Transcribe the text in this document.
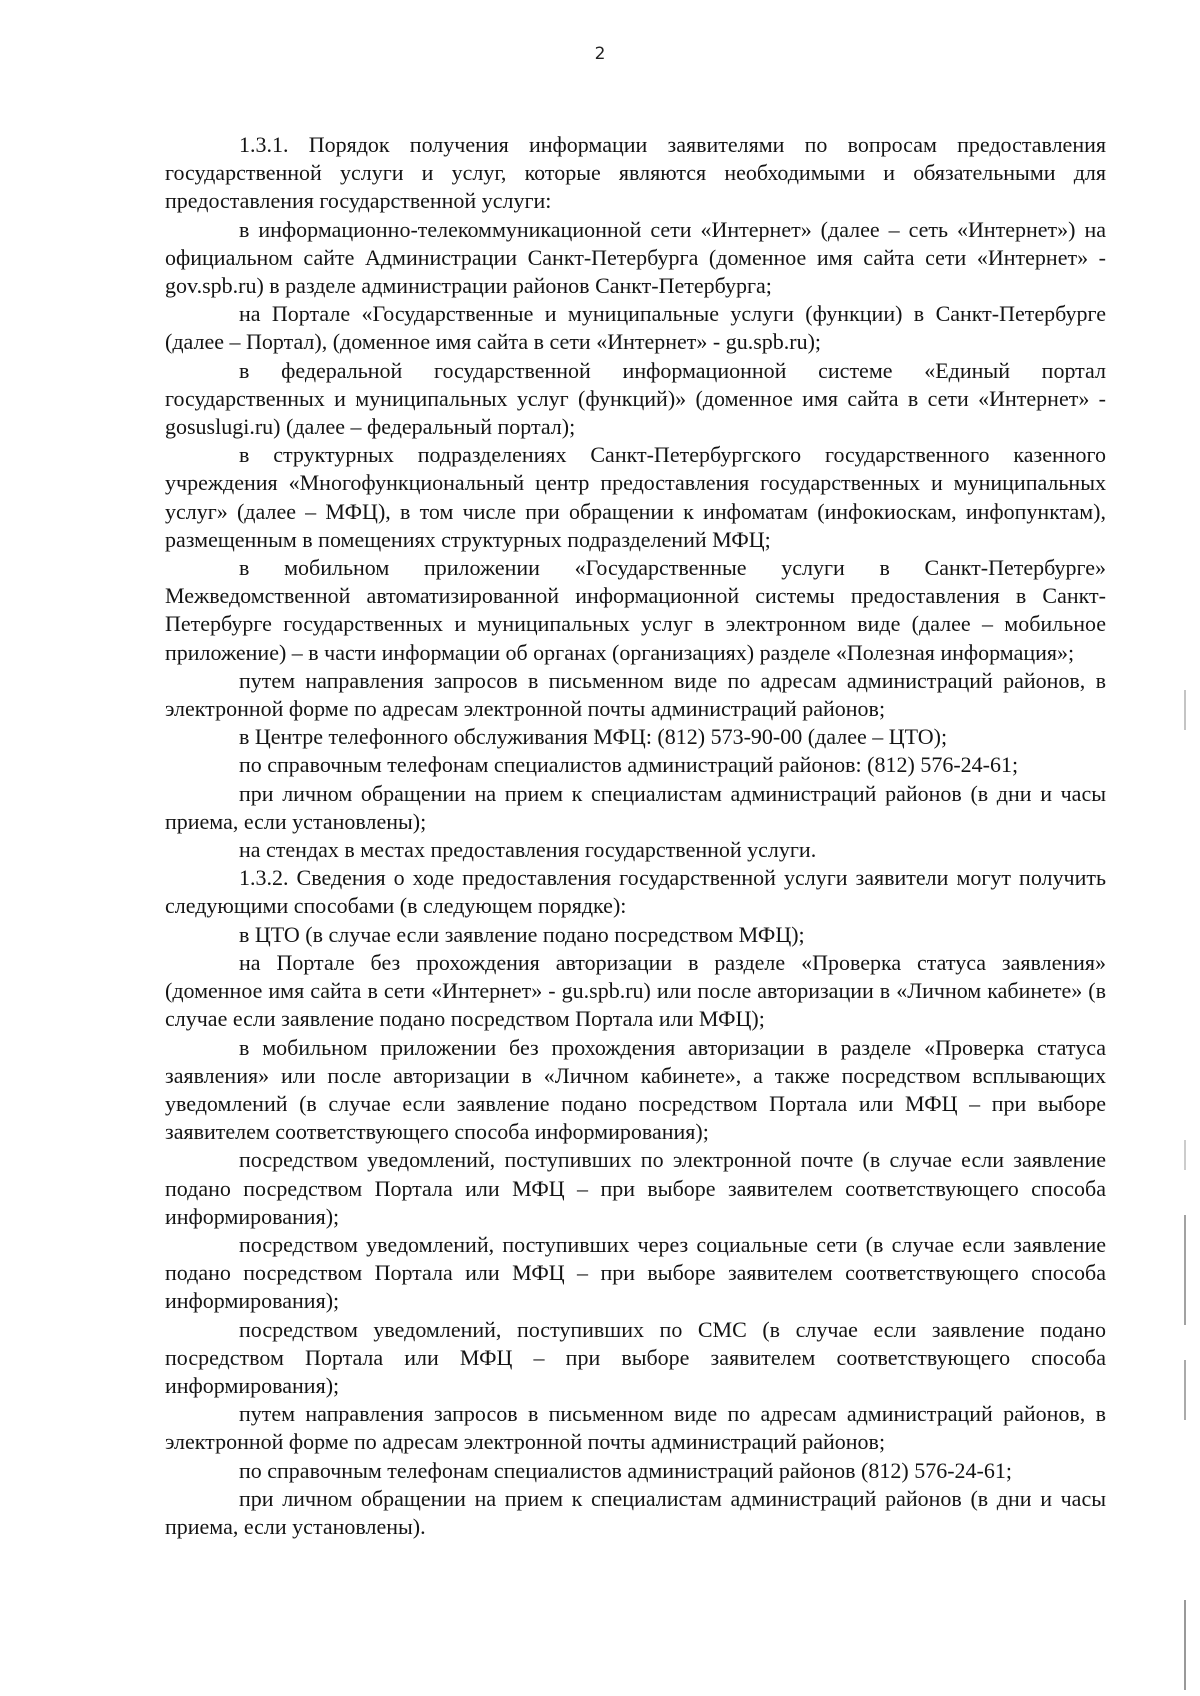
2

1.3.1. Порядок получения информации заявителями по вопросам предоставления государственной услуги и услуг, которые являются необходимыми и обязательными для предоставления государственной услуги:

в информационно-телекоммуникационной сети «Интернет» (далее – сеть «Интернет») на официальном сайте Администрации Санкт-Петербурга (доменное имя сайта сети «Интернет» - gov.spb.ru) в разделе администрации районов Санкт-Петербурга;

на Портале «Государственные и муниципальные услуги (функции) в Санкт-Петербурге (далее – Портал), (доменное имя сайта в сети «Интернет» - gu.spb.ru);

в федеральной государственной информационной системе «Единый портал государственных и муниципальных услуг (функций)» (доменное имя сайта в сети «Интернет» - gosuslugi.ru) (далее – федеральный портал);

в структурных подразделениях Санкт-Петербургского государственного казенного учреждения «Многофункциональный центр предоставления государственных и муниципальных услуг» (далее – МФЦ), в том числе при обращении к инфоматам (инфокиоскам, инфопунктам), размещенным в помещениях структурных подразделений МФЦ;

в мобильном приложении «Государственные услуги в Санкт-Петербурге» Межведомственной автоматизированной информационной системы предоставления в Санкт-Петербурге государственных и муниципальных услуг в электронном виде (далее – мобильное приложение) – в части информации об органах (организациях) разделе «Полезная информация»;

путем направления запросов в письменном виде по адресам администраций районов, в электронной форме по адресам электронной почты администраций районов;

в Центре телефонного обслуживания МФЦ: (812) 573-90-00 (далее – ЦТО);

по справочным телефонам специалистов администраций районов: (812) 576-24-61;

при личном обращении на прием к специалистам администраций районов (в дни и часы приема, если установлены);

на стендах в местах предоставления государственной услуги.

1.3.2. Сведения о ходе предоставления государственной услуги заявители могут получить следующими способами (в следующем порядке):

в ЦТО (в случае если заявление подано посредством МФЦ);

на Портале без прохождения авторизации в разделе «Проверка статуса заявления» (доменное имя сайта в сети «Интернет» - gu.spb.ru) или после авторизации в «Личном кабинете» (в случае если заявление подано посредством Портала или МФЦ);

в мобильном приложении без прохождения авторизации в разделе «Проверка статуса заявления» или после авторизации в «Личном кабинете», а также посредством всплывающих уведомлений (в случае если заявление подано посредством Портала или МФЦ – при выборе заявителем соответствующего способа информирования);

посредством уведомлений, поступивших по электронной почте (в случае если заявление подано посредством Портала или МФЦ – при выборе заявителем соответствующего способа информирования);

посредством уведомлений, поступивших через социальные сети (в случае если заявление подано посредством Портала или МФЦ – при выборе заявителем соответствующего способа информирования);

посредством уведомлений, поступивших по СМС (в случае если заявление подано посредством Портала или МФЦ – при выборе заявителем соответствующего способа информирования);

путем направления запросов в письменном виде по адресам администраций районов, в электронной форме по адресам электронной почты администраций районов;

по справочным телефонам специалистов администраций районов (812) 576-24-61;

при личном обращении на прием к специалистам администраций районов (в дни и часы приема, если установлены).
